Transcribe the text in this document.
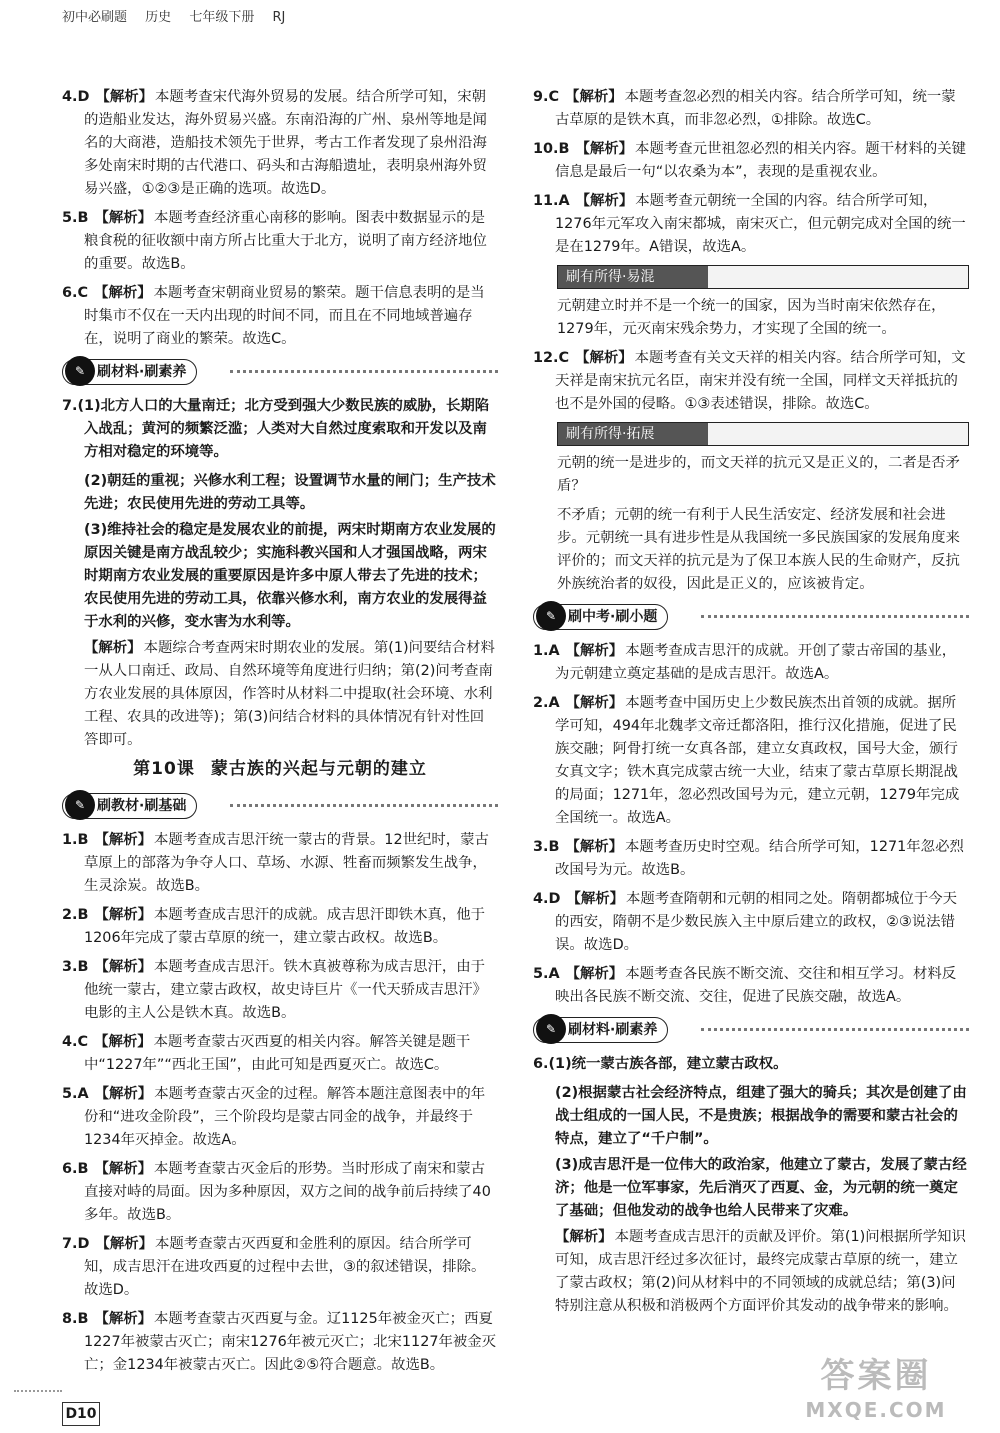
初中必刷题 历史 七年级下册 RJ
4.D 【解析】 本题考查宋代海外贸易的发展。结合所学可知，宋朝的造船业发达，海外贸易兴盛。东南沿海的广州、泉州等地是闻名的大商港，造船技术领先于世界，考古工作者发现了泉州沿海多处南宋时期的古代港口、码头和古海船遗址，表明泉州海外贸易兴盛，①②③是正确的选项。故选D。
5.B 【解析】 本题考查经济重心南移的影响。图表中数据显示的是粮食税的征收额中南方所占比重大于北方，说明了南方经济地位的重要。故选B。
6.C 【解析】 本题考查宋朝商业贸易的繁荣。题干信息表明的是当时集市不仅在一天内出现的时间不同，而且在不同地域普遍存在，说明了商业的繁荣。故选C。
✎ 刷材料·刷素养
7.(1)北方人口的大量南迁；北方受到强大少数民族的威胁，长期陷入战乱；黄河的频繁泛滥；人类对大自然过度索取和开发以及南方相对稳定的环境等。
(2)朝廷的重视；兴修水利工程；设置调节水量的闸门；生产技术先进；农民使用先进的劳动工具等。
(3)维持社会的稳定是发展农业的前提，两宋时期南方农业发展的原因关键是南方战乱较少；实施科教兴国和人才强国战略，两宋时期南方农业发展的重要原因是许多中原人带去了先进的技术；农民使用先进的劳动工具，依靠兴修水利，南方农业的发展得益于水利的兴修，变水害为水利等。
【解析】 本题综合考查两宋时期农业的发展。第(1)问要结合材料一从人口南迁、政局、自然环境等角度进行归纳；第(2)问考查南方农业发展的具体原因，作答时从材料二中提取(社会环境、水利工程、农具的改进等)；第(3)问结合材料的具体情况有针对性回答即可。
第10课 蒙古族的兴起与元朝的建立
✎ 刷教材·刷基础
1.B 【解析】 本题考查成吉思汗统一蒙古的背景。12世纪时，蒙古草原上的部落为争夺人口、草场、水源、牲畜而频繁发生战争，生灵涂炭。故选B。
2.B 【解析】 本题考查成吉思汗的成就。成吉思汗即铁木真，他于1206年完成了蒙古草原的统一，建立蒙古政权。故选B。
3.B 【解析】 本题考查成吉思汗。铁木真被尊称为成吉思汗，由于他统一蒙古，建立蒙古政权，故史诗巨片《一代天骄成吉思汗》电影的主人公是铁木真。故选B。
4.C 【解析】 本题考查蒙古灭西夏的相关内容。解答关键是题干中“1227年”“西北王国”，由此可知是西夏灭亡。故选C。
5.A 【解析】 本题考查蒙古灭金的过程。解答本题注意图表中的年份和“进攻金阶段”，三个阶段均是蒙古同金的战争，并最终于1234年灭掉金。故选A。
6.B 【解析】 本题考查蒙古灭金后的形势。当时形成了南宋和蒙古直接对峙的局面。因为多种原因，双方之间的战争前后持续了40多年。故选B。
7.D 【解析】 本题考查蒙古灭西夏和金胜利的原因。结合所学可知，成吉思汗在进攻西夏的过程中去世，③的叙述错误，排除。故选D。
8.B 【解析】 本题考查蒙古灭西夏与金。辽1125年被金灭亡；西夏1227年被蒙古灭亡；南宋1276年被元灭亡；北宋1127年被金灭亡；金1234年被蒙古灭亡。因此②⑤符合题意。故选B。
9.C 【解析】 本题考查忽必烈的相关内容。结合所学可知，统一蒙古草原的是铁木真，而非忽必烈，①排除。故选C。
10.B 【解析】 本题考查元世祖忽必烈的相关内容。题干材料的关键信息是最后一句“以农桑为本”，表现的是重视农业。
11.A 【解析】 本题考查元朝统一全国的内容。结合所学可知，1276年元军攻入南宋都城，南宋灭亡，但元朝完成对全国的统一是在1279年。A错误，故选A。
刷有所得·易混
元朝建立时并不是一个统一的国家，因为当时南宋依然存在，1279年，元灭南宋残余势力，才实现了全国的统一。
12.C 【解析】 本题考查有关文天祥的相关内容。结合所学可知，文天祥是南宋抗元名臣，南宋并没有统一全国，同样文天祥抵抗的也不是外国的侵略。①③表述错误，排除。故选C。
刷有所得·拓展
元朝的统一是进步的，而文天祥的抗元又是正义的，二者是否矛盾？
不矛盾；元朝的统一有利于人民生活安定、经济发展和社会进步。元朝统一具有进步性是从我国统一多民族国家的发展角度来评价的；而文天祥的抗元是为了保卫本族人民的生命财产，反抗外族统治者的奴役，因此是正义的，应该被肯定。
✎ 刷中考·刷小题
1.A 【解析】 本题考查成吉思汗的成就。开创了蒙古帝国的基业，为元朝建立奠定基础的是成吉思汗。故选A。
2.A 【解析】 本题考查中国历史上少数民族杰出首领的成就。据所学可知，494年北魏孝文帝迁都洛阳，推行汉化措施，促进了民族交融；阿骨打统一女真各部，建立女真政权，国号大金，颁行女真文字；铁木真完成蒙古统一大业，结束了蒙古草原长期混战的局面；1271年，忽必烈改国号为元，建立元朝，1279年完成全国统一。故选A。
3.B 【解析】 本题考查历史时空观。结合所学可知，1271年忽必烈改国号为元。故选B。
4.D 【解析】 本题考查隋朝和元朝的相同之处。隋朝都城位于今天的西安，隋朝不是少数民族入主中原后建立的政权，②③说法错误。故选D。
5.A 【解析】 本题考查各民族不断交流、交往和相互学习。材料反映出各民族不断交流、交往，促进了民族交融，故选A。
✎ 刷材料·刷素养
6.(1)统一蒙古族各部，建立蒙古政权。
(2)根据蒙古社会经济特点，组建了强大的骑兵；其次是创建了由战士组成的一国人民，不是贵族；根据战争的需要和蒙古社会的特点，建立了“千户制”。
(3)成吉思汗是一位伟大的政治家，他建立了蒙古，发展了蒙古经济；他是一位军事家，先后消灭了西夏、金，为元朝的统一奠定了基础；但他发动的战争也给人民带来了灾难。
【解析】 本题考查成吉思汗的贡献及评价。第(1)问根据所学知识可知，成吉思汗经过多次征讨，最终完成蒙古草原的统一，建立了蒙古政权；第(2)问从材料中的不同领域的成就总结；第(3)问特别注意从积极和消极两个方面评价其发动的战争带来的影响。
D10
答案圈
MXQE.COM
